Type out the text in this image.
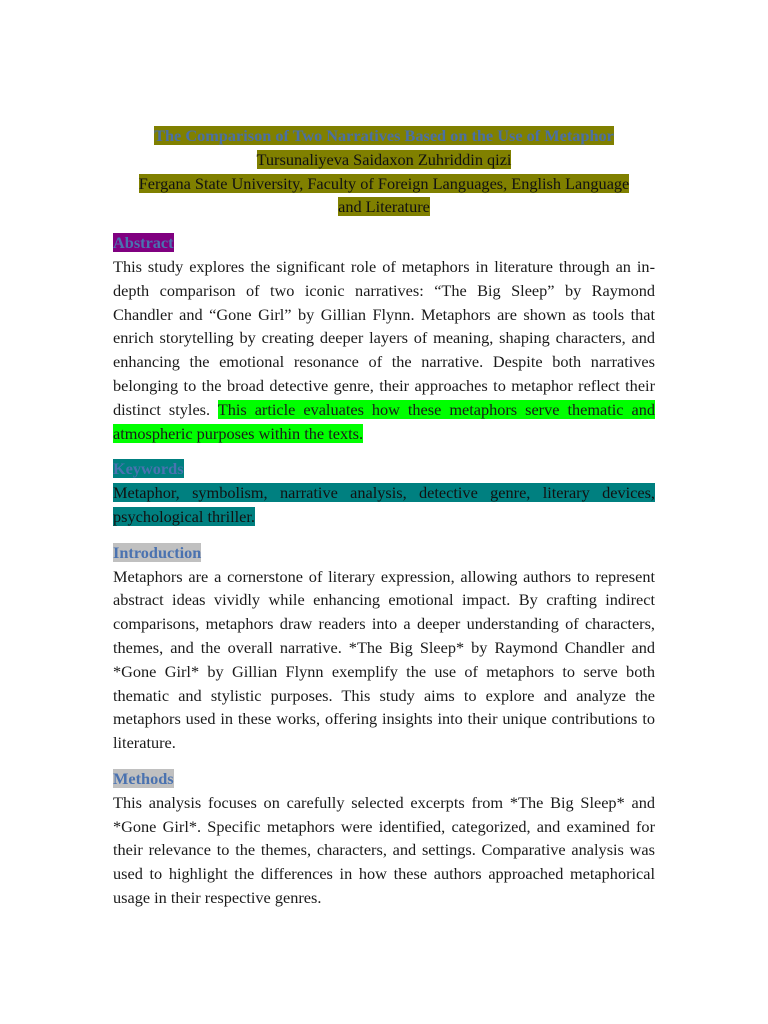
The Comparison of Two Narratives Based on the Use of Metaphor

Tursunaliyeva Saidaxon Zuhriddin qizi

Fergana State University, Faculty of Foreign Languages, English Language

and Literature

Abstract

This study explores the significant role of metaphors in literature through an in-depth comparison of two iconic narratives: “The Big Sleep” by Raymond Chandler and “Gone Girl” by Gillian Flynn. Metaphors are shown as tools that enrich storytelling by creating deeper layers of meaning, shaping characters, and enhancing the emotional resonance of the narrative. Despite both narratives belonging to the broad detective genre, their approaches to metaphor reflect their distinct styles. This article evaluates how these metaphors serve thematic and atmospheric purposes within the texts.

Keywords

Metaphor, symbolism, narrative analysis, detective genre, literary devices, psychological thriller.

Introduction

Metaphors are a cornerstone of literary expression, allowing authors to represent abstract ideas vividly while enhancing emotional impact. By crafting indirect comparisons, metaphors draw readers into a deeper understanding of characters, themes, and the overall narrative. *The Big Sleep* by Raymond Chandler and *Gone Girl* by Gillian Flynn exemplify the use of metaphors to serve both thematic and stylistic purposes. This study aims to explore and analyze the metaphors used in these works, offering insights into their unique contributions to literature.

Methods

This analysis focuses on carefully selected excerpts from *The Big Sleep* and *Gone Girl*. Specific metaphors were identified, categorized, and examined for their relevance to the themes, characters, and settings. Comparative analysis was used to highlight the differences in how these authors approached metaphorical usage in their respective genres.
